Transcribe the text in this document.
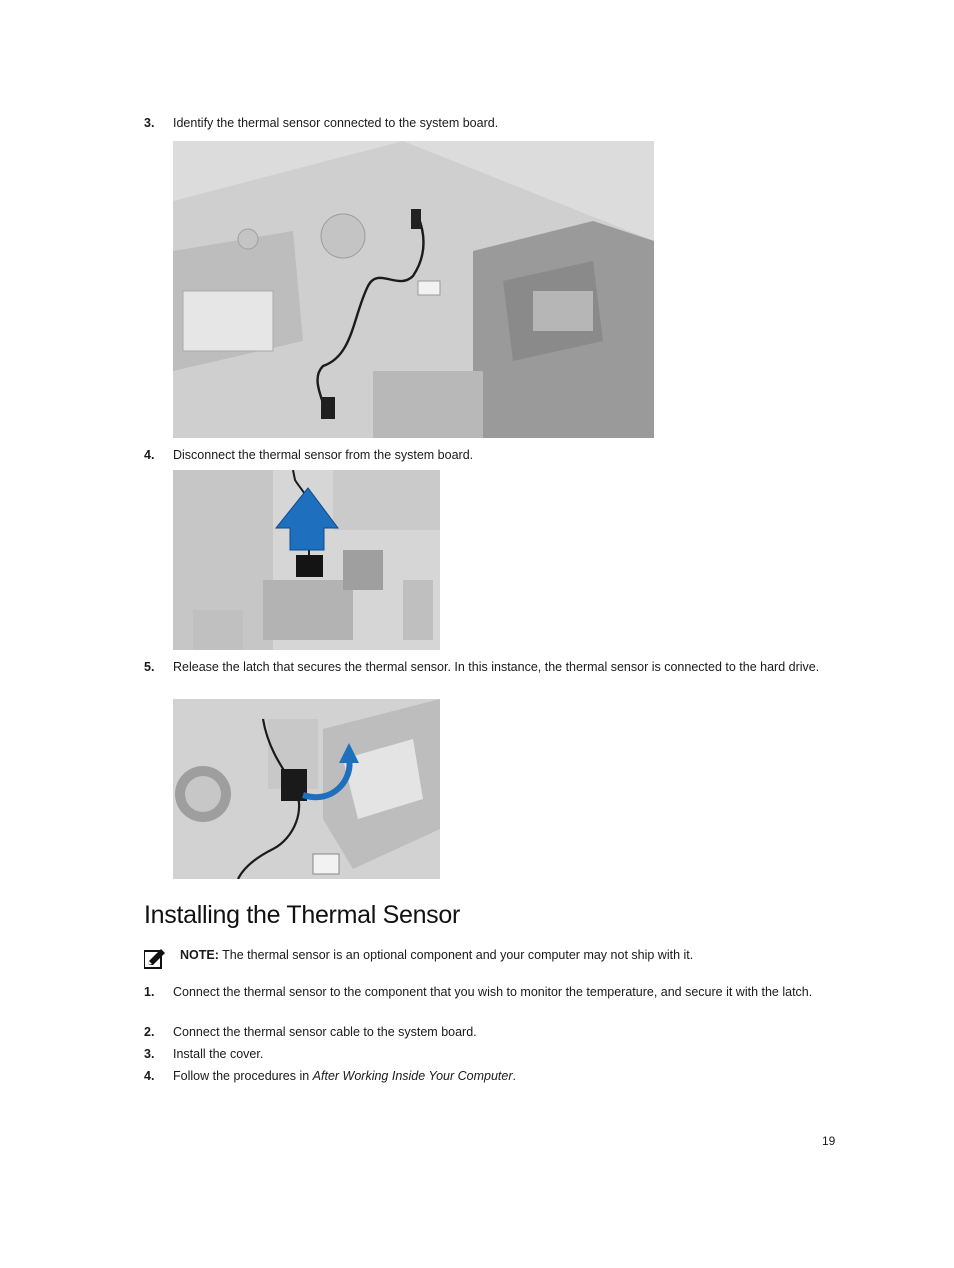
3. Identify the thermal sensor connected to the system board.
4. Disconnect the thermal sensor from the system board.
5. Release the latch that secures the thermal sensor. In this instance, the thermal sensor is connected to the hard drive.
Installing the Thermal Sensor
NOTE: The thermal sensor is an optional component and your computer may not ship with it.
1. Connect the thermal sensor to the component that you wish to monitor the temperature, and secure it with the latch.
2. Connect the thermal sensor cable to the system board.
3. Install the cover.
4. Follow the procedures in After Working Inside Your Computer.
19
